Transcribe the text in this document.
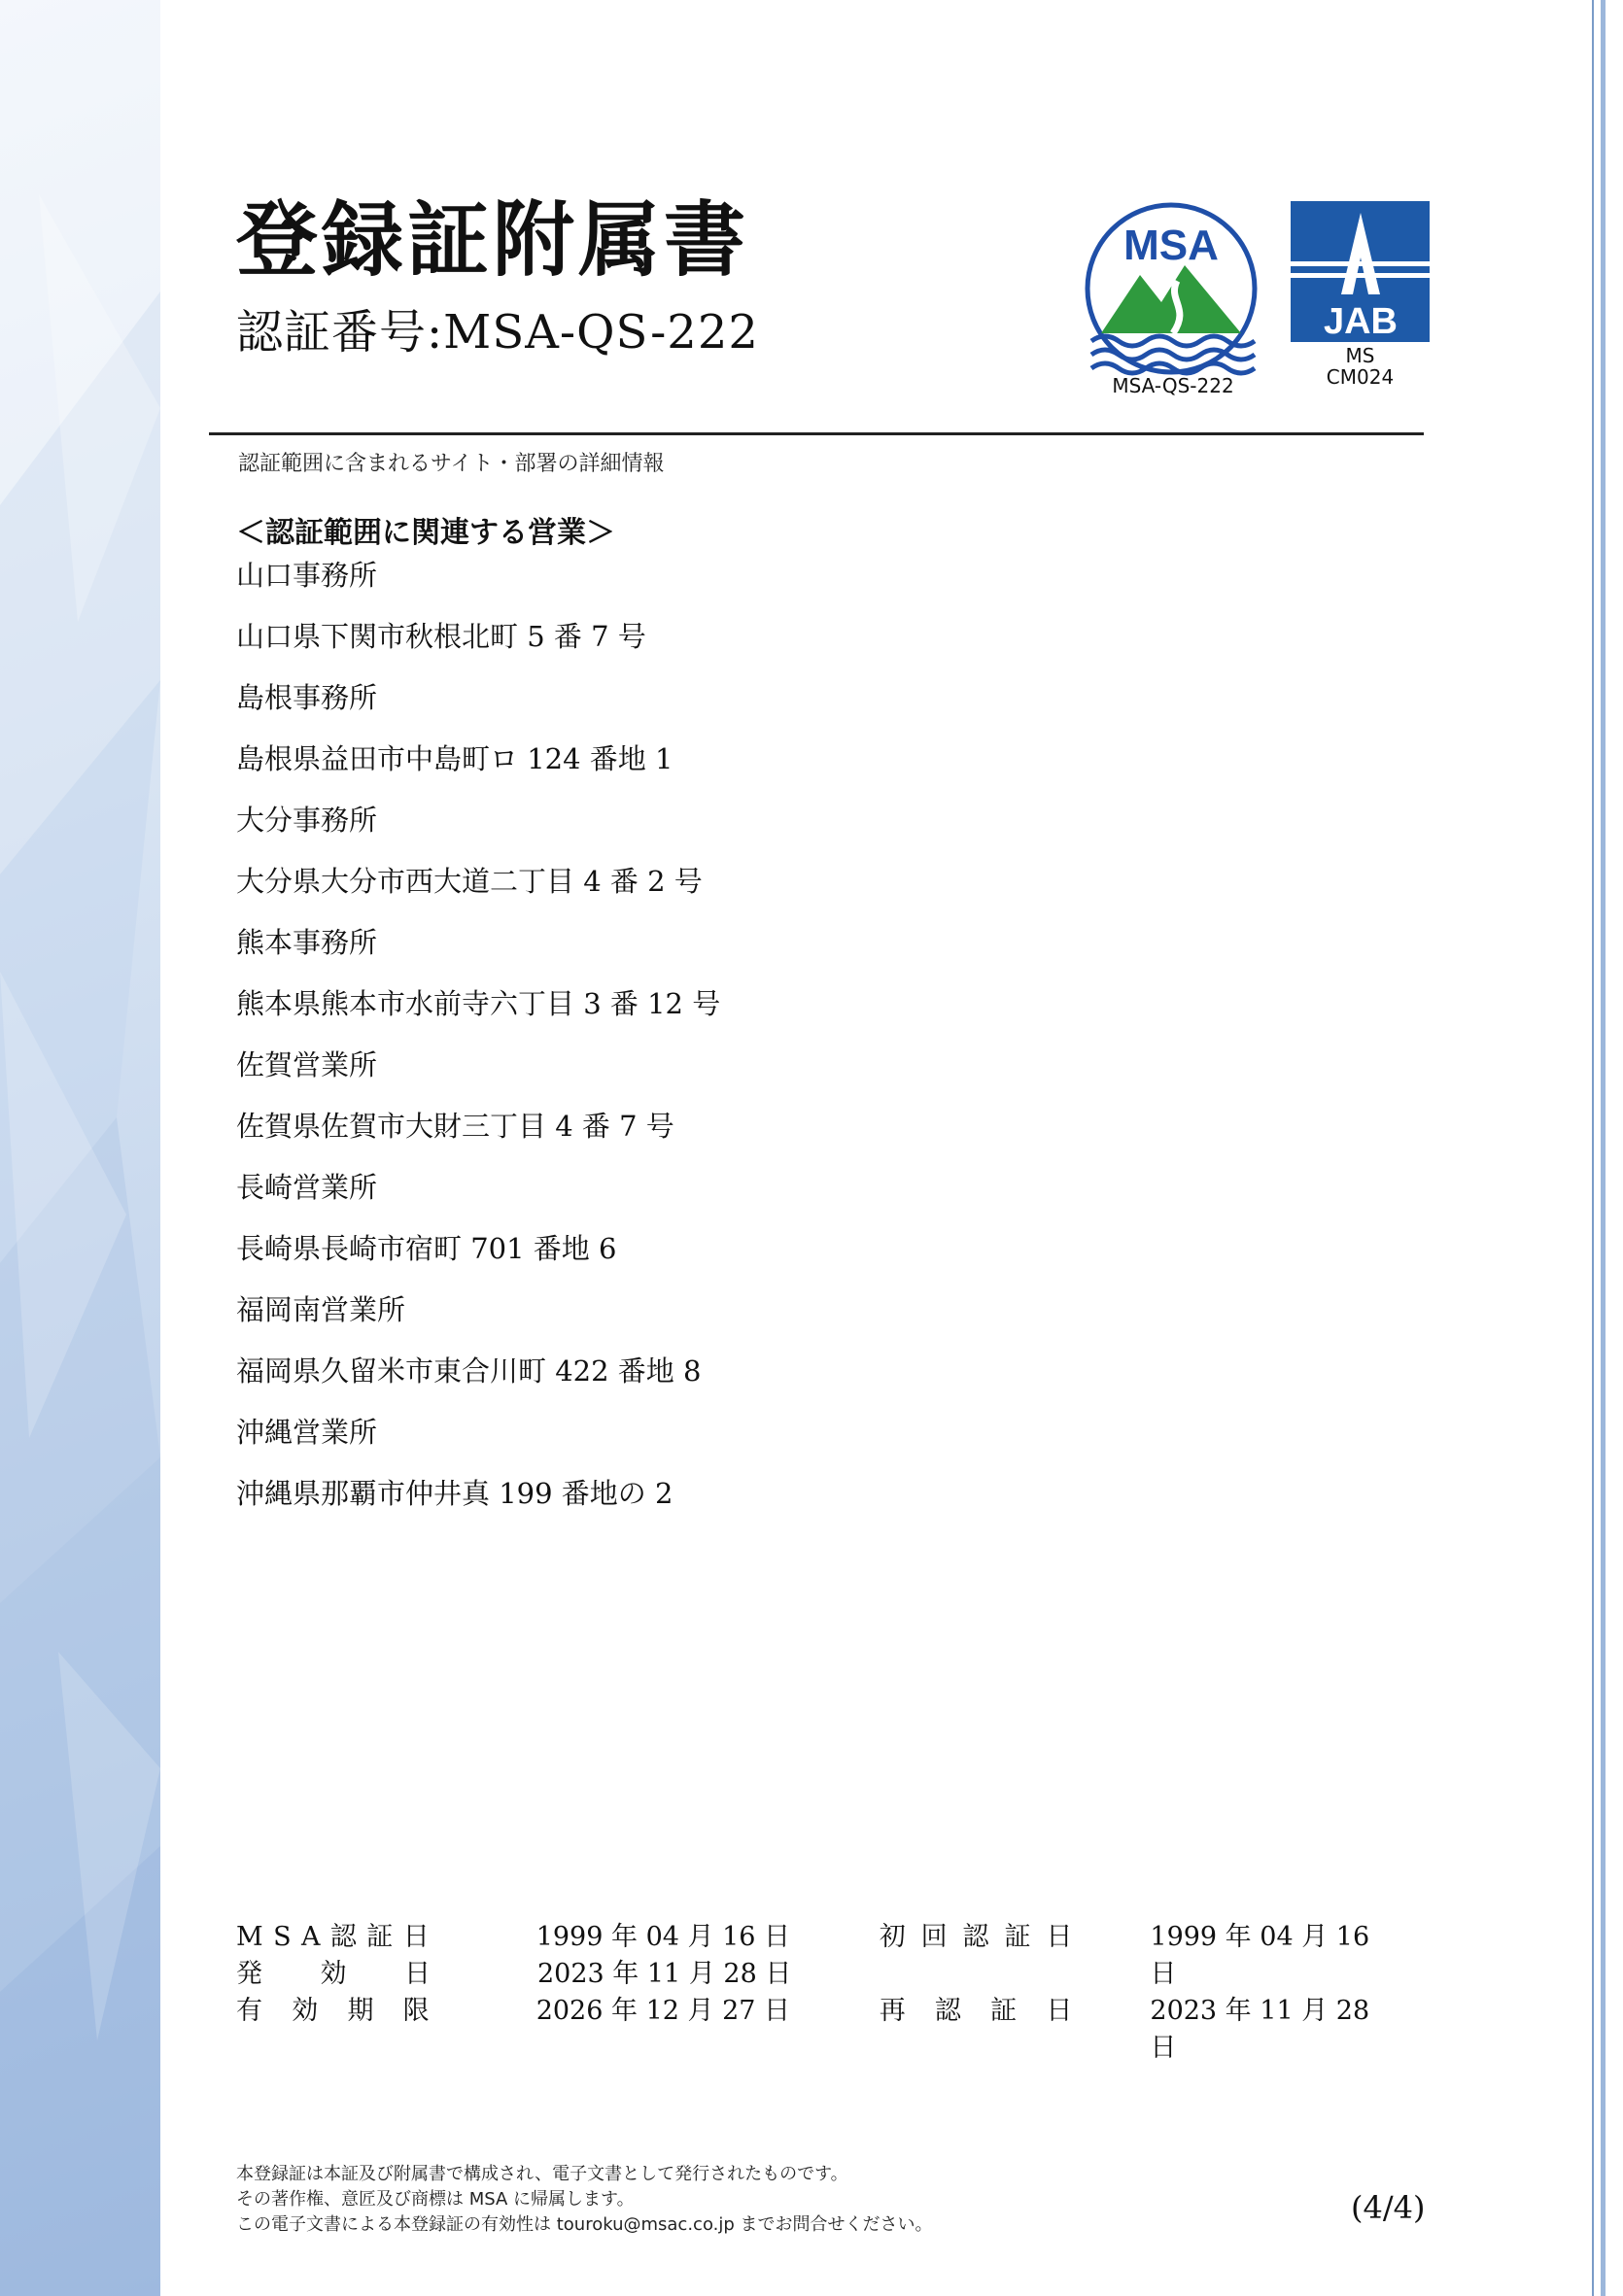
登録証附属書
認証番号:MSA-QS-222
MSA
MSA-QS-222
JAB
MS
CM024
認証範囲に含まれるサイト・部署の詳細情報
＜認証範囲に関連する営業＞
山口事務所
山口県下関市秋根北町 5 番 7 号
島根事務所
島根県益田市中島町ロ 124 番地 1
大分事務所
大分県大分市西大道二丁目 4 番 2 号
熊本事務所
熊本県熊本市水前寺六丁目 3 番 12 号
佐賀営業所
佐賀県佐賀市大財三丁目 4 番 7 号
長崎営業所
長崎県長崎市宿町 701 番地 6
福岡南営業所
福岡県久留米市東合川町 422 番地 8
沖縄営業所
沖縄県那覇市仲井真 199 番地の 2
M S A 認 証 日	1999 年 04 月 16 日	初 回 認 証 日	1999 年 04 月 16 日
発 効 日	2023 年 11 月 28 日
有 効 期 限	2026 年 12 月 27 日	再 認 証 日	2023 年 11 月 28 日
本登録証は本証及び附属書で構成され、電子文書として発行されたものです。
その著作権、意匠及び商標は MSA に帰属します。
この電子文書による本登録証の有効性は touroku@msac.co.jp までお問合せください。	(4/4)
